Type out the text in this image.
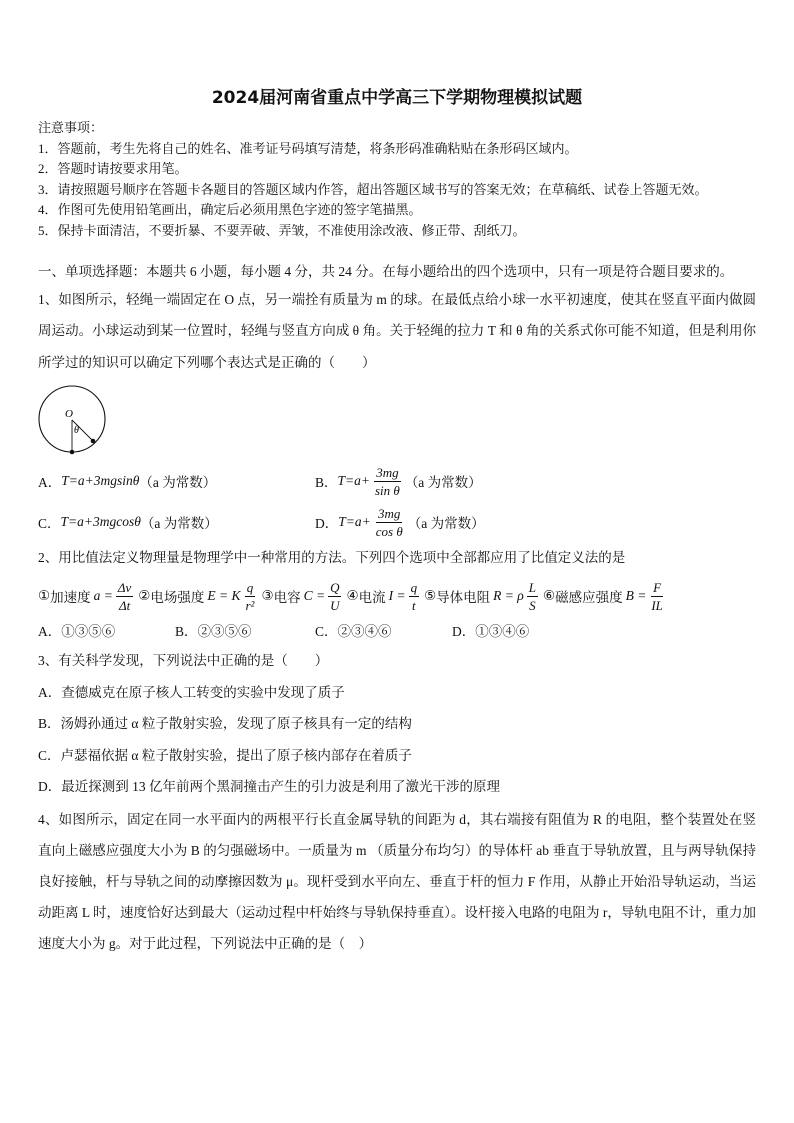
2024届河南省重点中学高三下学期物理模拟试题
注意事项：
1．答题前，考生先将自己的姓名、准考证号码填写清楚，将条形码准确粘贴在条形码区域内。
2．答题时请按要求用笔。
3．请按照题号顺序在答题卡各题目的答题区域内作答，超出答题区域书写的答案无效；在草稿纸、试卷上答题无效。
4．作图可先使用铅笔画出，确定后必须用黑色字迹的签字笔描黑。
5．保持卡面清洁，不要折暴、不要弄破、弄皱，不准使用涂改液、修正带、刮纸刀。
一、单项选择题：本题共 6 小题，每小题 4 分，共 24 分。在每小题给出的四个选项中，只有一项是符合题目要求的。
1、如图所示，轻绳一端固定在 O 点，另一端拴有质量为 m 的球。在最低点给小球一水平初速度，使其在竖直平面内做圆周运动。小球运动到某一位置时，轻绳与竖直方向成 θ 角。关于轻绳的拉力 T 和 θ 角的关系式你可能不知道，但是利用你所学过的知识可以确定下列哪个表达式是正确的（　　）
O
θ
A． T=a+3mgsinθ （a 为常数）	B． $T=a+ \frac{3mg}{\text{sin θ}} (a$ 为常数）
C． T=a+3mgcosθ （a 为常数）	D． $T=a+ \frac{3mg}{\text{cos θ}} (a$ 为常数）
2、用比值法定义物理量是物理学中一种常用的方法。下列四个选项中全部都应用了比值定义法的是
① 加速度 $a = \frac{\Delta v}{\Delta t}$ ② 电场强度 E = K $\frac{q}{\text{r²}}$ ③ 电容 $C = \frac{Q}{U}$ ④ 电流 $I = \frac{q}{t}$ ⑤ 导体电阻 R = ρ $\frac{L}{S}$ ⑥ 磁感应强度 $B = \frac{F}{IL}$
A．①③⑤⑥	B．②③⑤⑥	C．②③④⑥	D．①③④⑥
3、有关科学发现，下列说法中正确的是（　　）
A．查德威克在原子核人工转变的实验中发现了质子
B．汤姆孙通过 α 粒子散射实验，发现了原子核具有一定的结构
C．卢瑟福依据 α 粒子散射实验，提出了原子核内部存在着质子
D．最近探测到 13 亿年前两个黑洞撞击产生的引力波是利用了激光干涉的原理
4、如图所示，固定在同一水平面内的两根平行长直金属导轨的间距为 d，其右端接有阻值为 R 的电阻，整个装置处在竖直向上磁感应强度大小为 B 的匀强磁场中。一质量为 m （质量分布均匀）的导体杆 ab 垂直于导轨放置，且与两导轨保持良好接触，杆与导轨之间的动摩擦因数为 μ。现杆受到水平向左、垂直于杆的恒力 F 作用，从静止开始沿导轨运动，当运动距离 L 时，速度恰好达到最大（运动过程中杆始终与导轨保持垂直）。设杆接入电路的电阻为 r，导轨电阻不计，重力加速度大小为 g。对于此过程，下列说法中正确的是（　）
